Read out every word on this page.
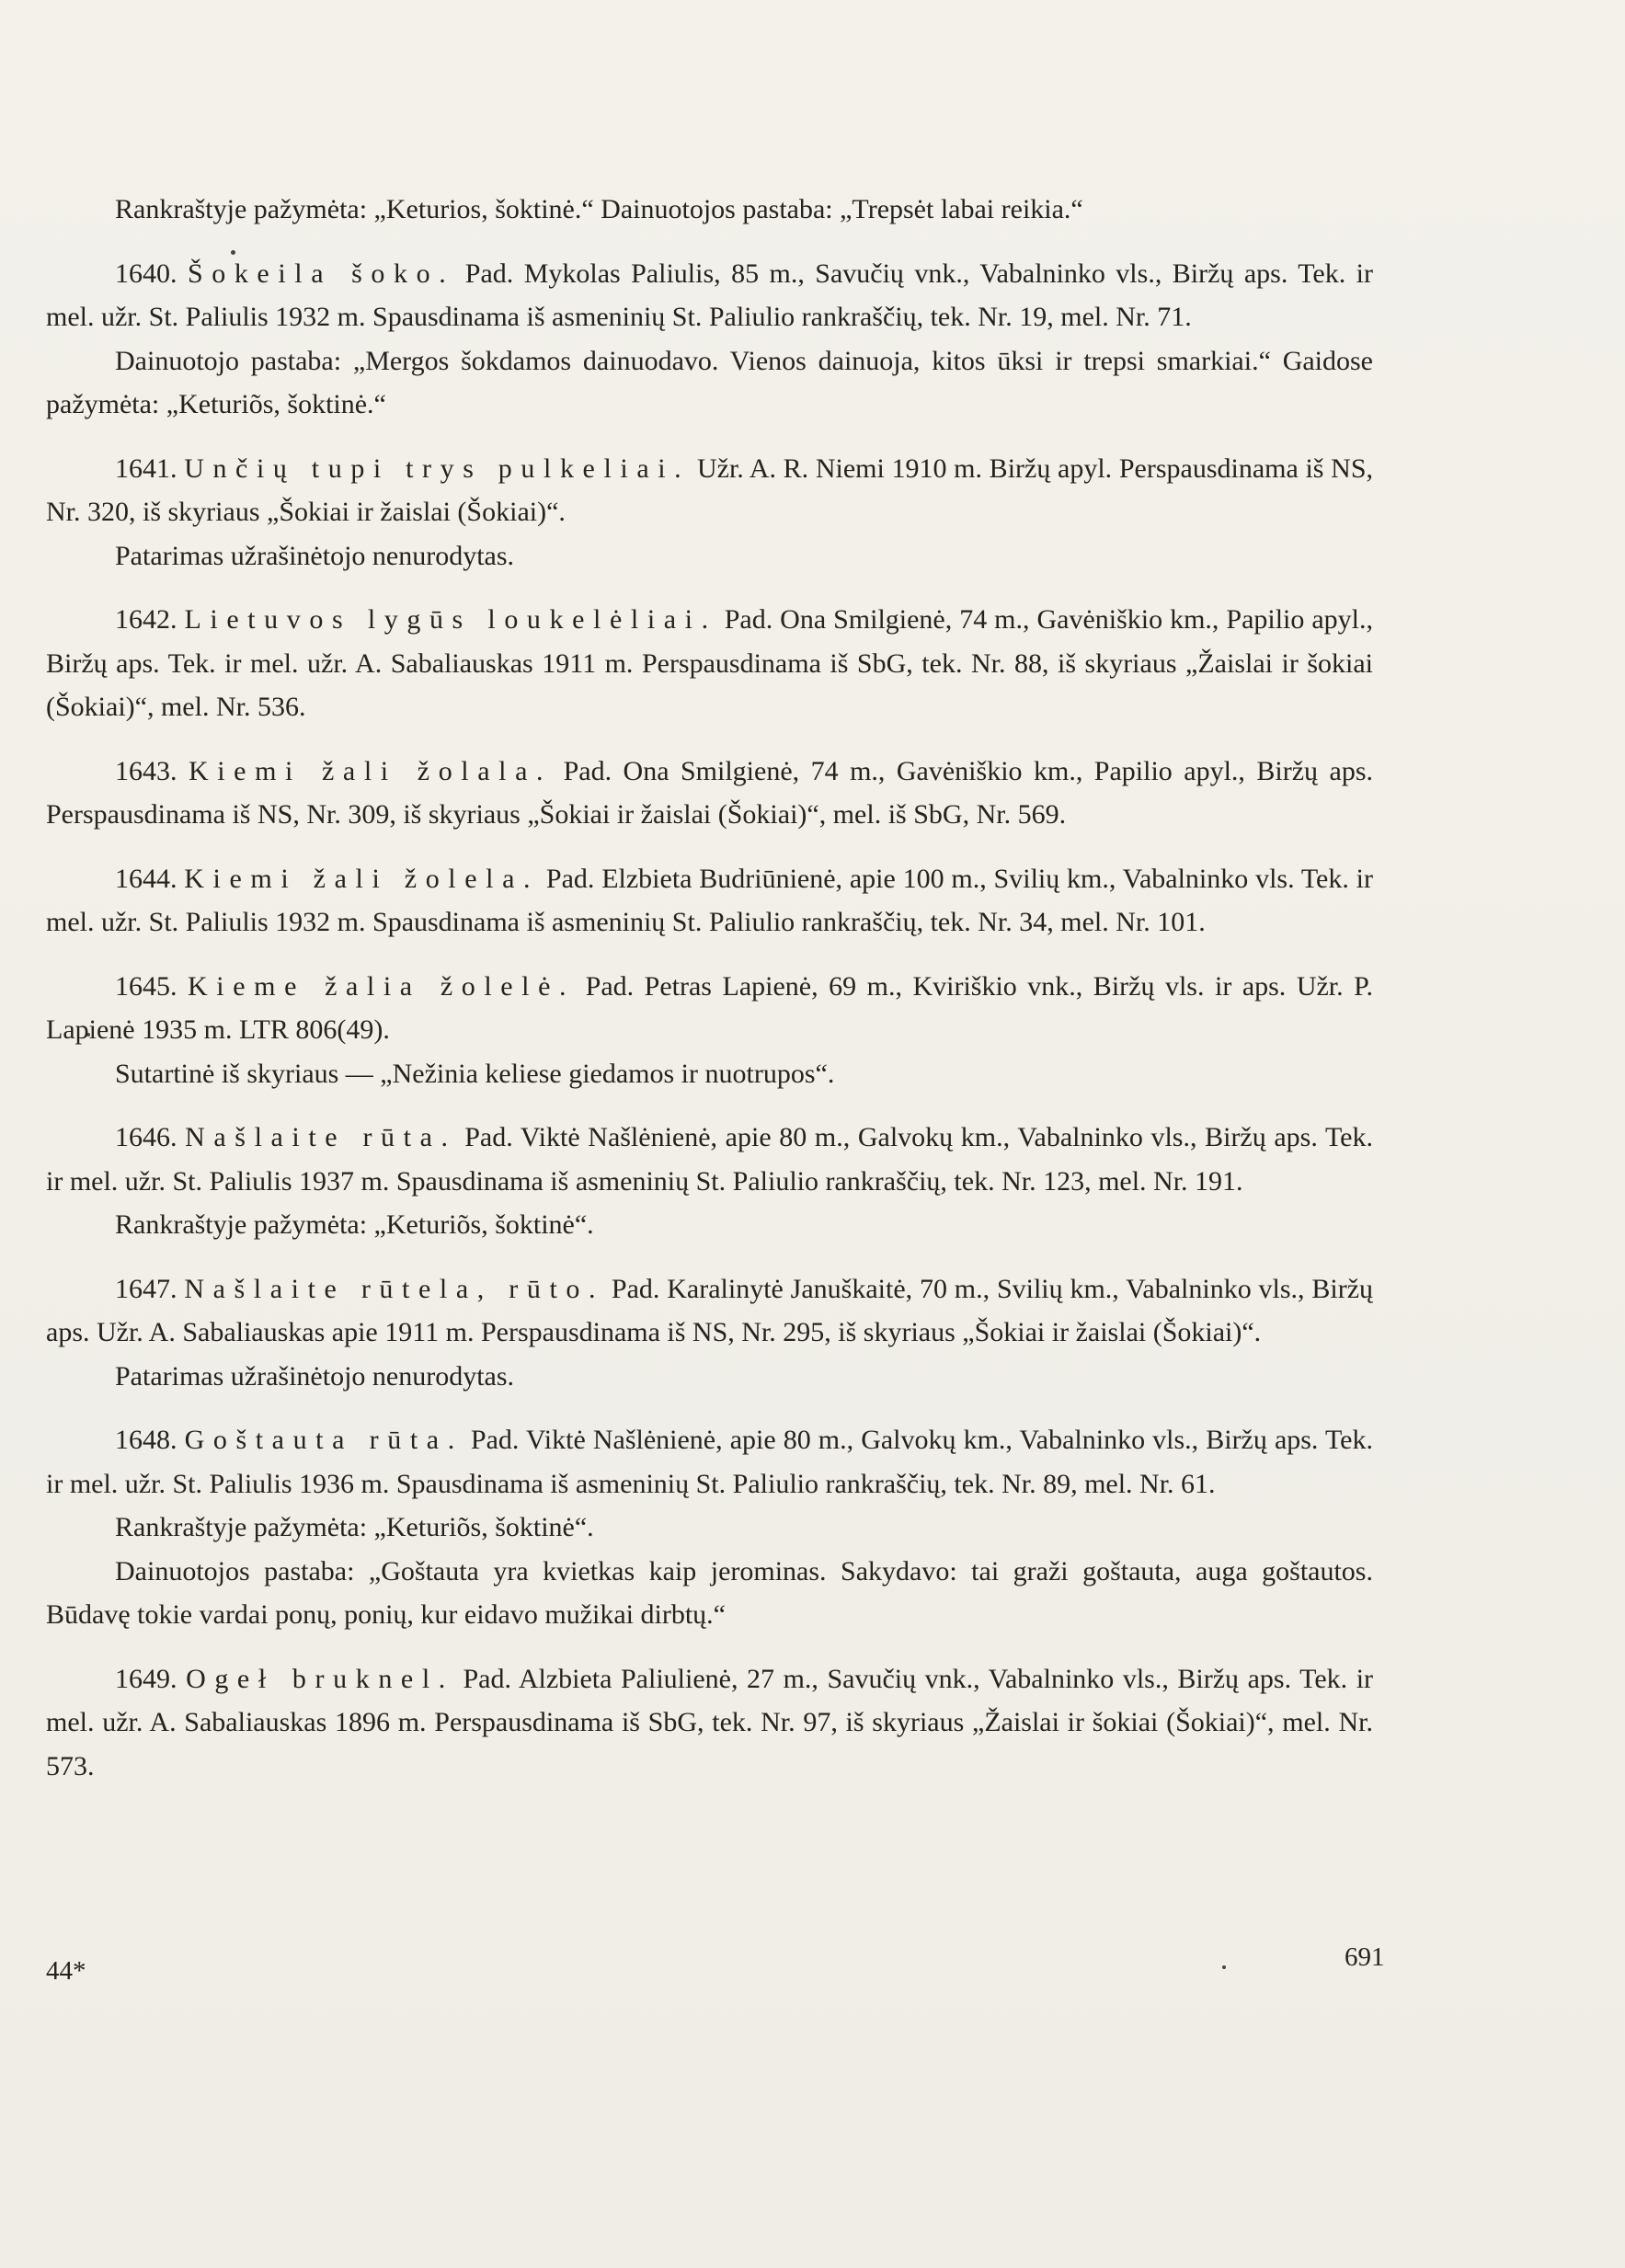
Rankraštyje pažymėta: „Keturios, šoktinė.“ Dainuotojos pastaba: „Trepsėt labai reikia.“

1640. Šokeila šoko. Pad. Mykolas Paliulis, 85 m., Savučių vnk., Vabalninko vls., Biržų aps. Tek. ir mel. užr. St. Paliulis 1932 m. Spausdinama iš asmeninių St. Paliulio rankraščių, tek. Nr. 19, mel. Nr. 71.

Dainuotojo pastaba: „Mergos šokdamos dainuodavo. Vienos dainuoja, kitos ūksi ir trepsi smarkiai.“ Gaidose pažymėta: „Keturiõs, šoktinė.“

1641. Unčių tupi trys pulkeliai. Užr. A. R. Niemi 1910 m. Biržų apyl. Perspausdinama iš NS, Nr. 320, iš skyriaus „Šokiai ir žaislai (Šokiai)“.

Patarimas užrašinėtojo nenurodytas.

1642. Lietuvos lygūs loukelėliai. Pad. Ona Smilgienė, 74 m., Gavėniškio km., Papilio apyl., Biržų aps. Tek. ir mel. užr. A. Sabaliauskas 1911 m. Perspausdinama iš SbG, tek. Nr. 88, iš skyriaus „Žaislai ir šokiai (Šokiai)“, mel. Nr. 536.

1643. Kiemi žali žolala. Pad. Ona Smilgienė, 74 m., Gavėniškio km., Papilio apyl., Biržų aps. Perspausdinama iš NS, Nr. 309, iš skyriaus „Šokiai ir žaislai (Šokiai)“, mel. iš SbG, Nr. 569.

1644. Kiemi žali žolela. Pad. Elzbieta Budriūnienė, apie 100 m., Svilių km., Vabalninko vls. Tek. ir mel. užr. St. Paliulis 1932 m. Spausdinama iš asmeninių St. Paliulio rankraščių, tek. Nr. 34, mel. Nr. 101.

1645. Kieme žalia žolelė. Pad. Petras Lapienė, 69 m., Kviriškio vnk., Biržų vls. ir aps. Užr. P. Lapienė 1935 m. LTR 806(49).

Sutartinė iš skyriaus — „Nežinia keliese giedamos ir nuotrupos“.

1646. Našlaite rūta. Pad. Viktė Našlėnienė, apie 80 m., Galvokų km., Vabalninko vls., Biržų aps. Tek. ir mel. užr. St. Paliulis 1937 m. Spausdinama iš asmeninių St. Paliulio rankraščių, tek. Nr. 123, mel. Nr. 191.

Rankraštyje pažymėta: „Keturiõs, šoktinė“.

1647. Našlaite rūtela, rūto. Pad. Karalinytė Januškaitė, 70 m., Svilių km., Vabalninko vls., Biržų aps. Užr. A. Sabaliauskas apie 1911 m. Perspausdinama iš NS, Nr. 295, iš skyriaus „Šokiai ir žaislai (Šokiai)“.

Patarimas užrašinėtojo nenurodytas.

1648. Goštauta rūta. Pad. Viktė Našlėnienė, apie 80 m., Galvokų km., Vabalninko vls., Biržų aps. Tek. ir mel. užr. St. Paliulis 1936 m. Spausdinama iš asmeninių St. Paliulio rankraščių, tek. Nr. 89, mel. Nr. 61.

Rankraštyje pažymėta: „Keturiõs, šoktinė“.

Dainuotojos pastaba: „Goštauta yra kvietkas kaip jerominas. Sakydavo: tai graži goštauta, auga goštautos. Būdavę tokie vardai ponų, ponių, kur eidavo mužikai dirbtų.“

1649. Ogeł bruknel. Pad. Alzbieta Paliulienė, 27 m., Savučių vnk., Vabalninko vls., Biržų aps. Tek. ir mel. užr. A. Sabaliauskas 1896 m. Perspausdinama iš SbG, tek. Nr. 97, iš skyriaus „Žaislai ir šokiai (Šokiai)“, mel. Nr. 573.

44*	691
